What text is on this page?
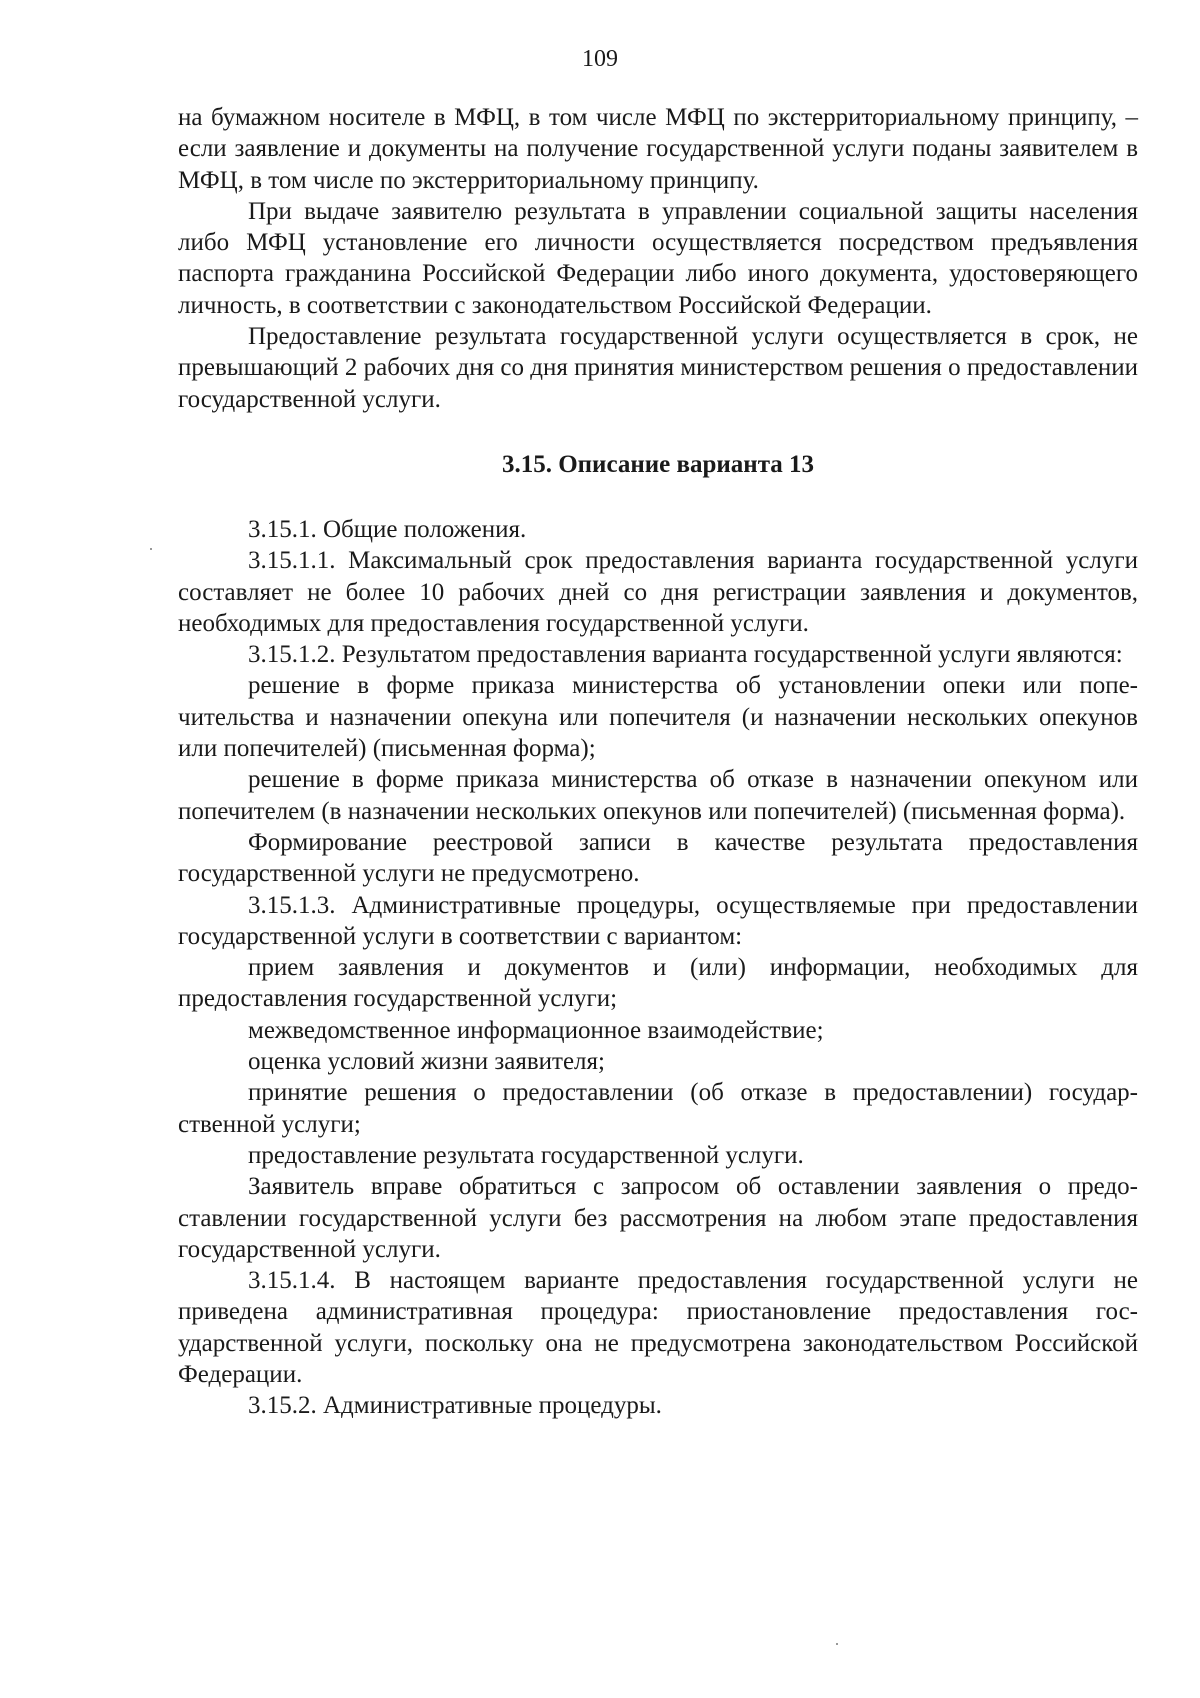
109

на бумажном носителе в МФЦ, в том числе МФЦ по экстерриториальному принципу, – если заявление и документы на получение государственной услуги поданы заявителем в МФЦ, в том числе по экстерриториальному принципу.

При выдаче заявителю результата в управлении социальной защиты населения либо МФЦ установление его личности осуществляется посредством предъявления паспорта гражданина Российской Федерации либо иного документа, удостоверяющего личность, в соответствии с законодательством Российской Федерации.

Предоставление результата государственной услуги осуществляется в срок, не превышающий 2 рабочих дня со дня принятия министерством решения о предоставлении государственной услуги.

3.15. Описание варианта 13

3.15.1. Общие положения.

3.15.1.1. Максимальный срок предоставления варианта государственной услуги составляет не более 10 рабочих дней со дня регистрации заявления и документов, необходимых для предоставления государственной услуги.

3.15.1.2. Результатом предоставления варианта государственной услуги являются:

решение в форме приказа министерства об установлении опеки или попечительства и назначении опекуна или попечителя (и назначении нескольких опекунов или попечителей) (письменная форма);

решение в форме приказа министерства об отказе в назначении опекуном или попечителем (в назначении нескольких опекунов или попечителей) (письменная форма).

Формирование реестровой записи в качестве результата предоставления государственной услуги не предусмотрено.

3.15.1.3. Административные процедуры, осуществляемые при предоставлении государственной услуги в соответствии с вариантом:

прием заявления и документов и (или) информации, необходимых для предоставления государственной услуги;

межведомственное информационное взаимодействие;

оценка условий жизни заявителя;

принятие решения о предоставлении (об отказе в предоставлении) государственной услуги;

предоставление результата государственной услуги.

Заявитель вправе обратиться с запросом об оставлении заявления о предоставлении государственной услуги без рассмотрения на любом этапе предоставления государственной услуги.

3.15.1.4. В настоящем варианте предоставления государственной услуги не приведена административная процедура: приостановление предоставления государственной услуги, поскольку она не предусмотрена законодательством Российской Федерации.

3.15.2. Административные процедуры.
